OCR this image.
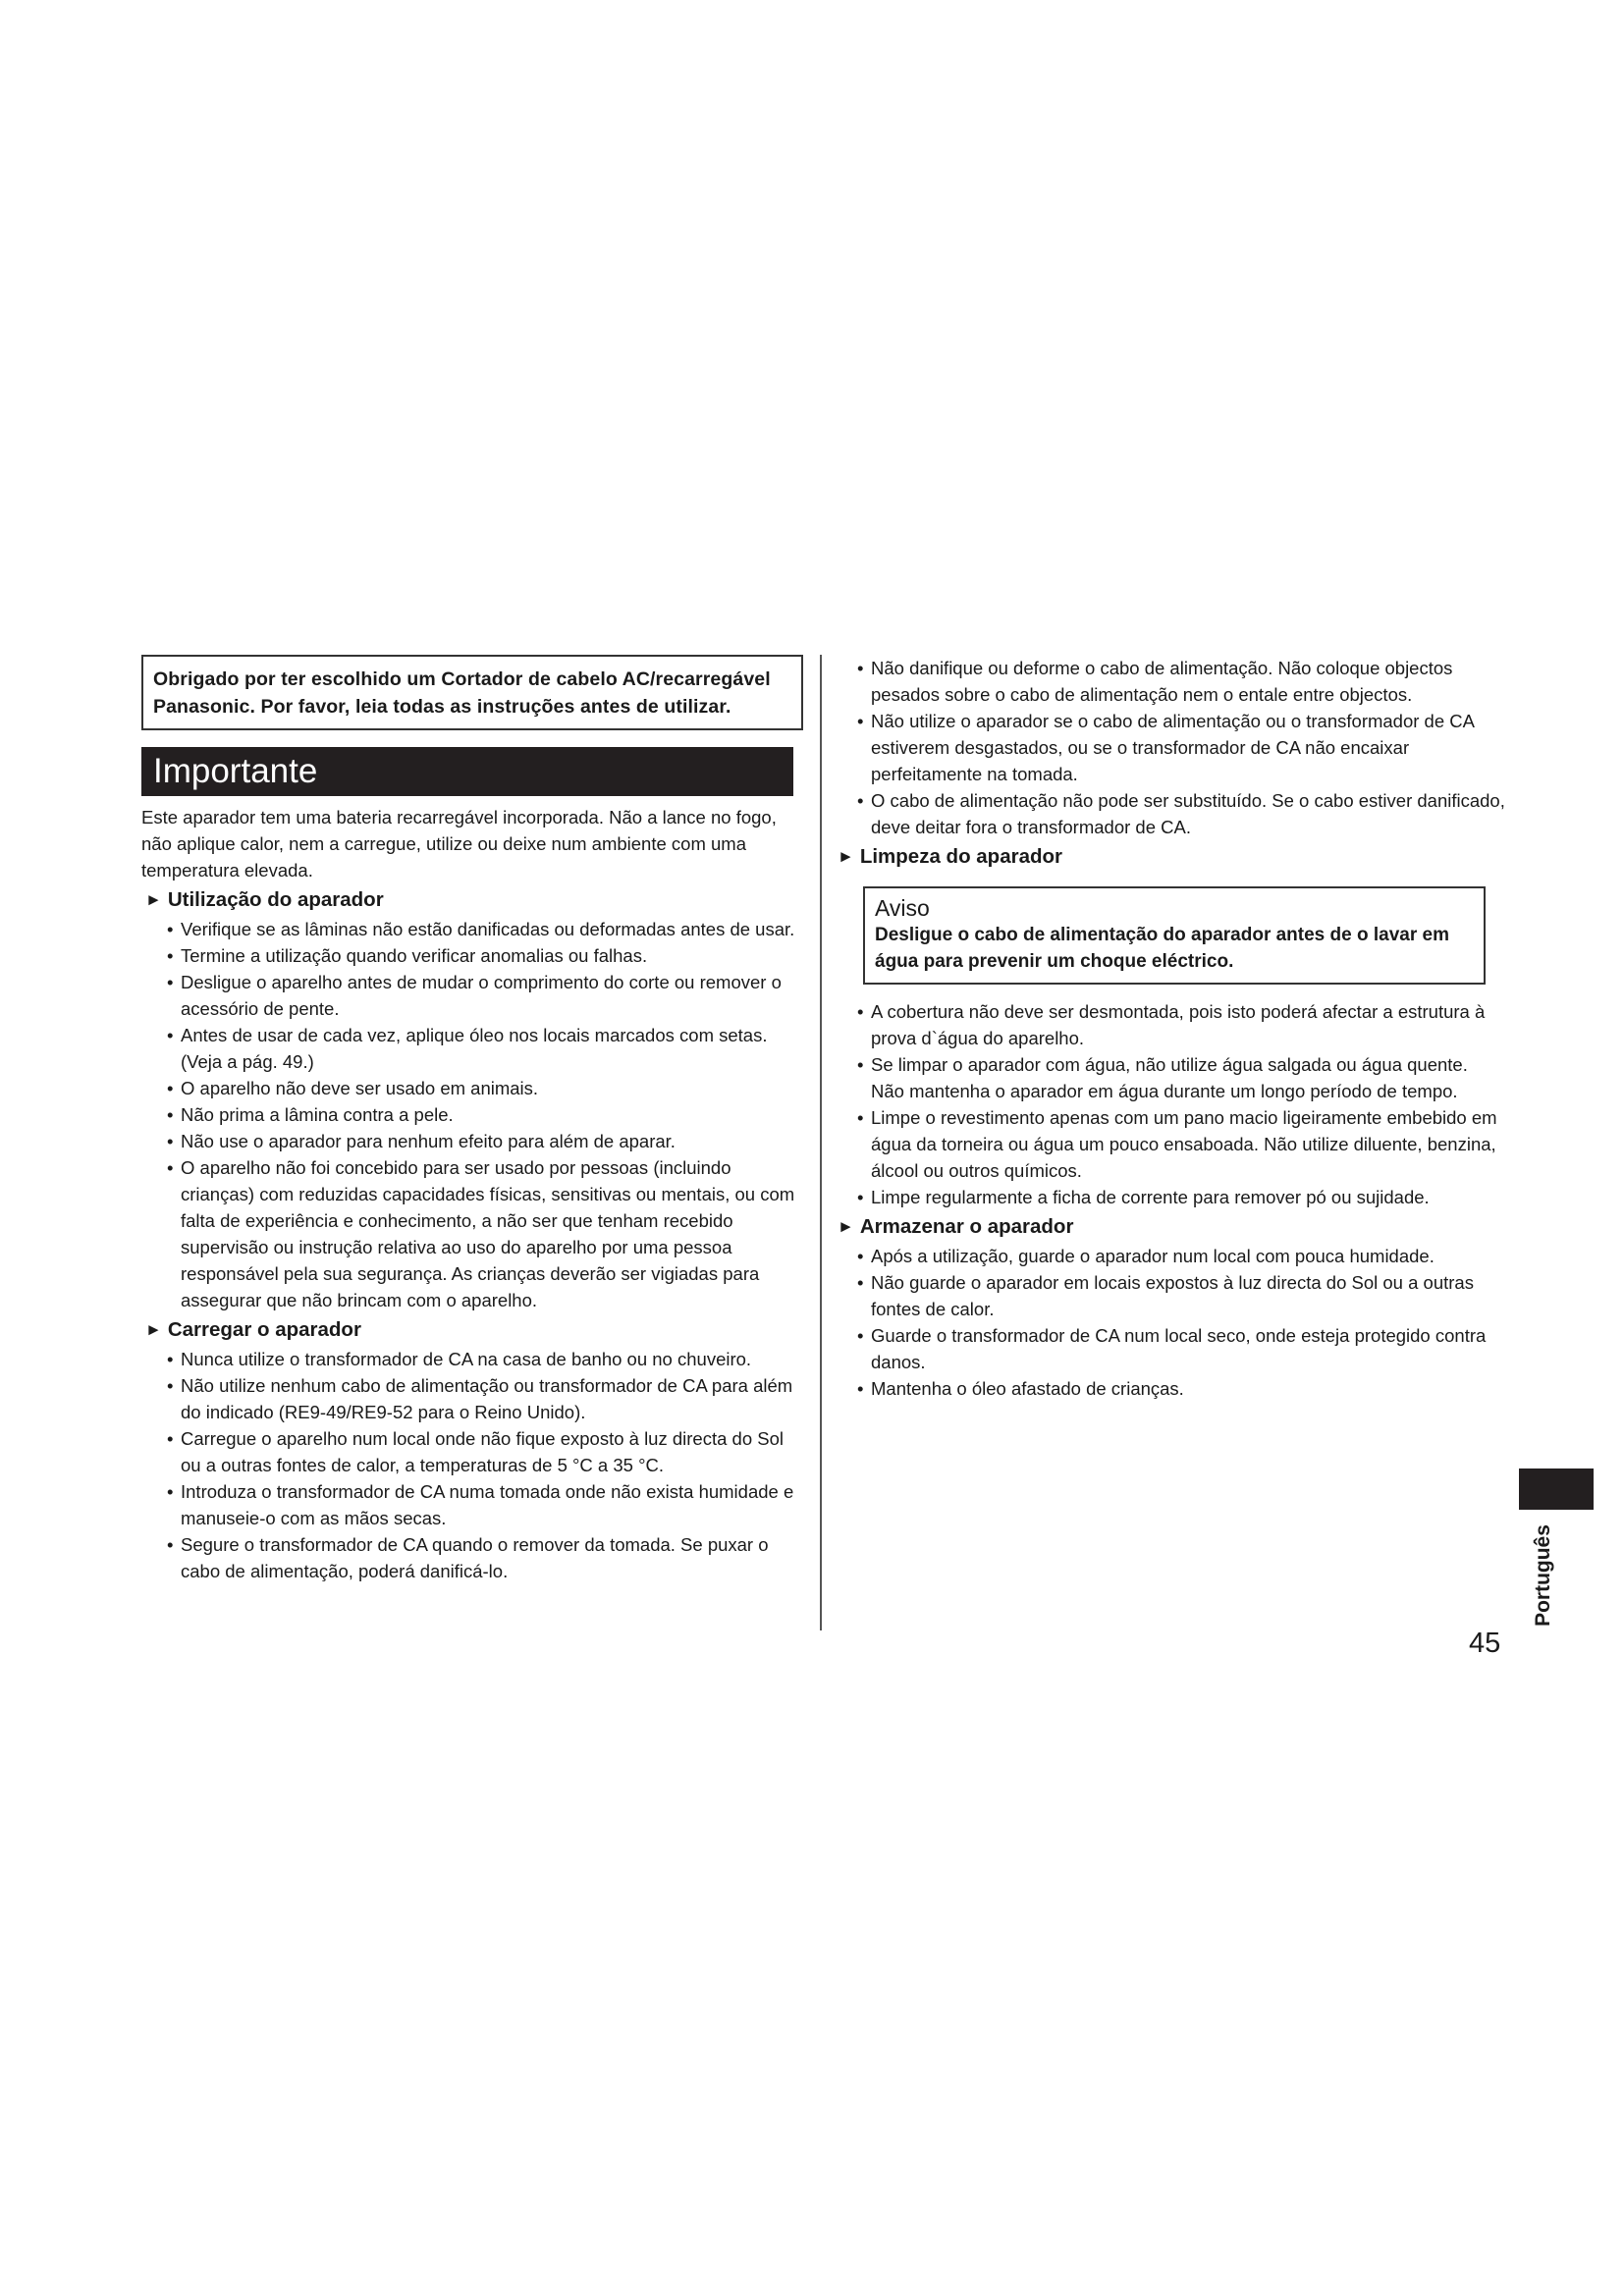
Obrigado por ter escolhido um Cortador de cabelo AC/recarregável Panasonic. Por favor, leia todas as instruções antes de utilizar.
Importante

Este aparador tem uma bateria recarregável incorporada. Não a lance no fogo, não aplique calor, nem a carregue, utilize ou deixe num ambiente com uma temperatura elevada.

► Utilização do aparador
• Verifique se as lâminas não estão danificadas ou deformadas antes de usar.
• Termine a utilização quando verificar anomalias ou falhas.
• Desligue o aparelho antes de mudar o comprimento do corte ou remover o acessório de pente.
• Antes de usar de cada vez, aplique óleo nos locais marcados com setas. (Veja a pág. 49.)
• O aparelho não deve ser usado em animais.
• Não prima a lâmina contra a pele.
• Não use o aparador para nenhum efeito para além de aparar.
• O aparelho não foi concebido para ser usado por pessoas (incluindo crianças) com reduzidas capacidades físicas, sensitivas ou mentais, ou com falta de experiência e conhecimento, a não ser que tenham recebido supervisão ou instrução relativa ao uso do aparelho por uma pessoa responsável pela sua segurança. As crianças deverão ser vigiadas para assegurar que não brincam com o aparelho.
► Carregar o aparador
• Nunca utilize o transformador de CA na casa de banho ou no chuveiro.
• Não utilize nenhum cabo de alimentação ou transformador de CA para além do indicado (RE9-49/RE9-52 para o Reino Unido).
• Carregue o aparelho num local onde não fique exposto à luz directa do Sol ou a outras fontes de calor, a temperaturas de 5 °C a 35 °C.
• Introduza o transformador de CA numa tomada onde não exista humidade e manuseie-o com as mãos secas.
• Segure o transformador de CA quando o remover da tomada. Se puxar o cabo de alimentação, poderá danificá-lo.
• Não danifique ou deforme o cabo de alimentação. Não coloque objectos pesados sobre o cabo de alimentação nem o entale entre objectos.
• Não utilize o aparador se o cabo de alimentação ou o transformador de CA estiverem desgastados, ou se o transformador de CA não encaixar perfeitamente na tomada.
• O cabo de alimentação não pode ser substituído. Se o cabo estiver danificado, deve deitar fora o transformador de CA.
► Limpeza do aparador
Aviso
Desligue o cabo de alimentação do aparador antes de o lavar em água para prevenir um choque eléctrico.
• A cobertura não deve ser desmontada, pois isto poderá afectar a estrutura à prova d`água do aparelho.
• Se limpar o aparador com água, não utilize água salgada ou água quente. Não mantenha o aparador em água durante um longo período de tempo.
• Limpe o revestimento apenas com um pano macio ligeiramente embebido em água da torneira ou água um pouco ensaboada. Não utilize diluente, benzina, álcool ou outros químicos.
• Limpe regularmente a ficha de corrente para remover pó ou sujidade.
► Armazenar o aparador
• Após a utilização, guarde o aparador num local com pouca humidade.
• Não guarde o aparador em locais expostos à luz directa do Sol ou a outras fontes de calor.
• Guarde o transformador de CA num local seco, onde esteja protegido contra danos.
• Mantenha o óleo afastado de crianças.
Português
45
